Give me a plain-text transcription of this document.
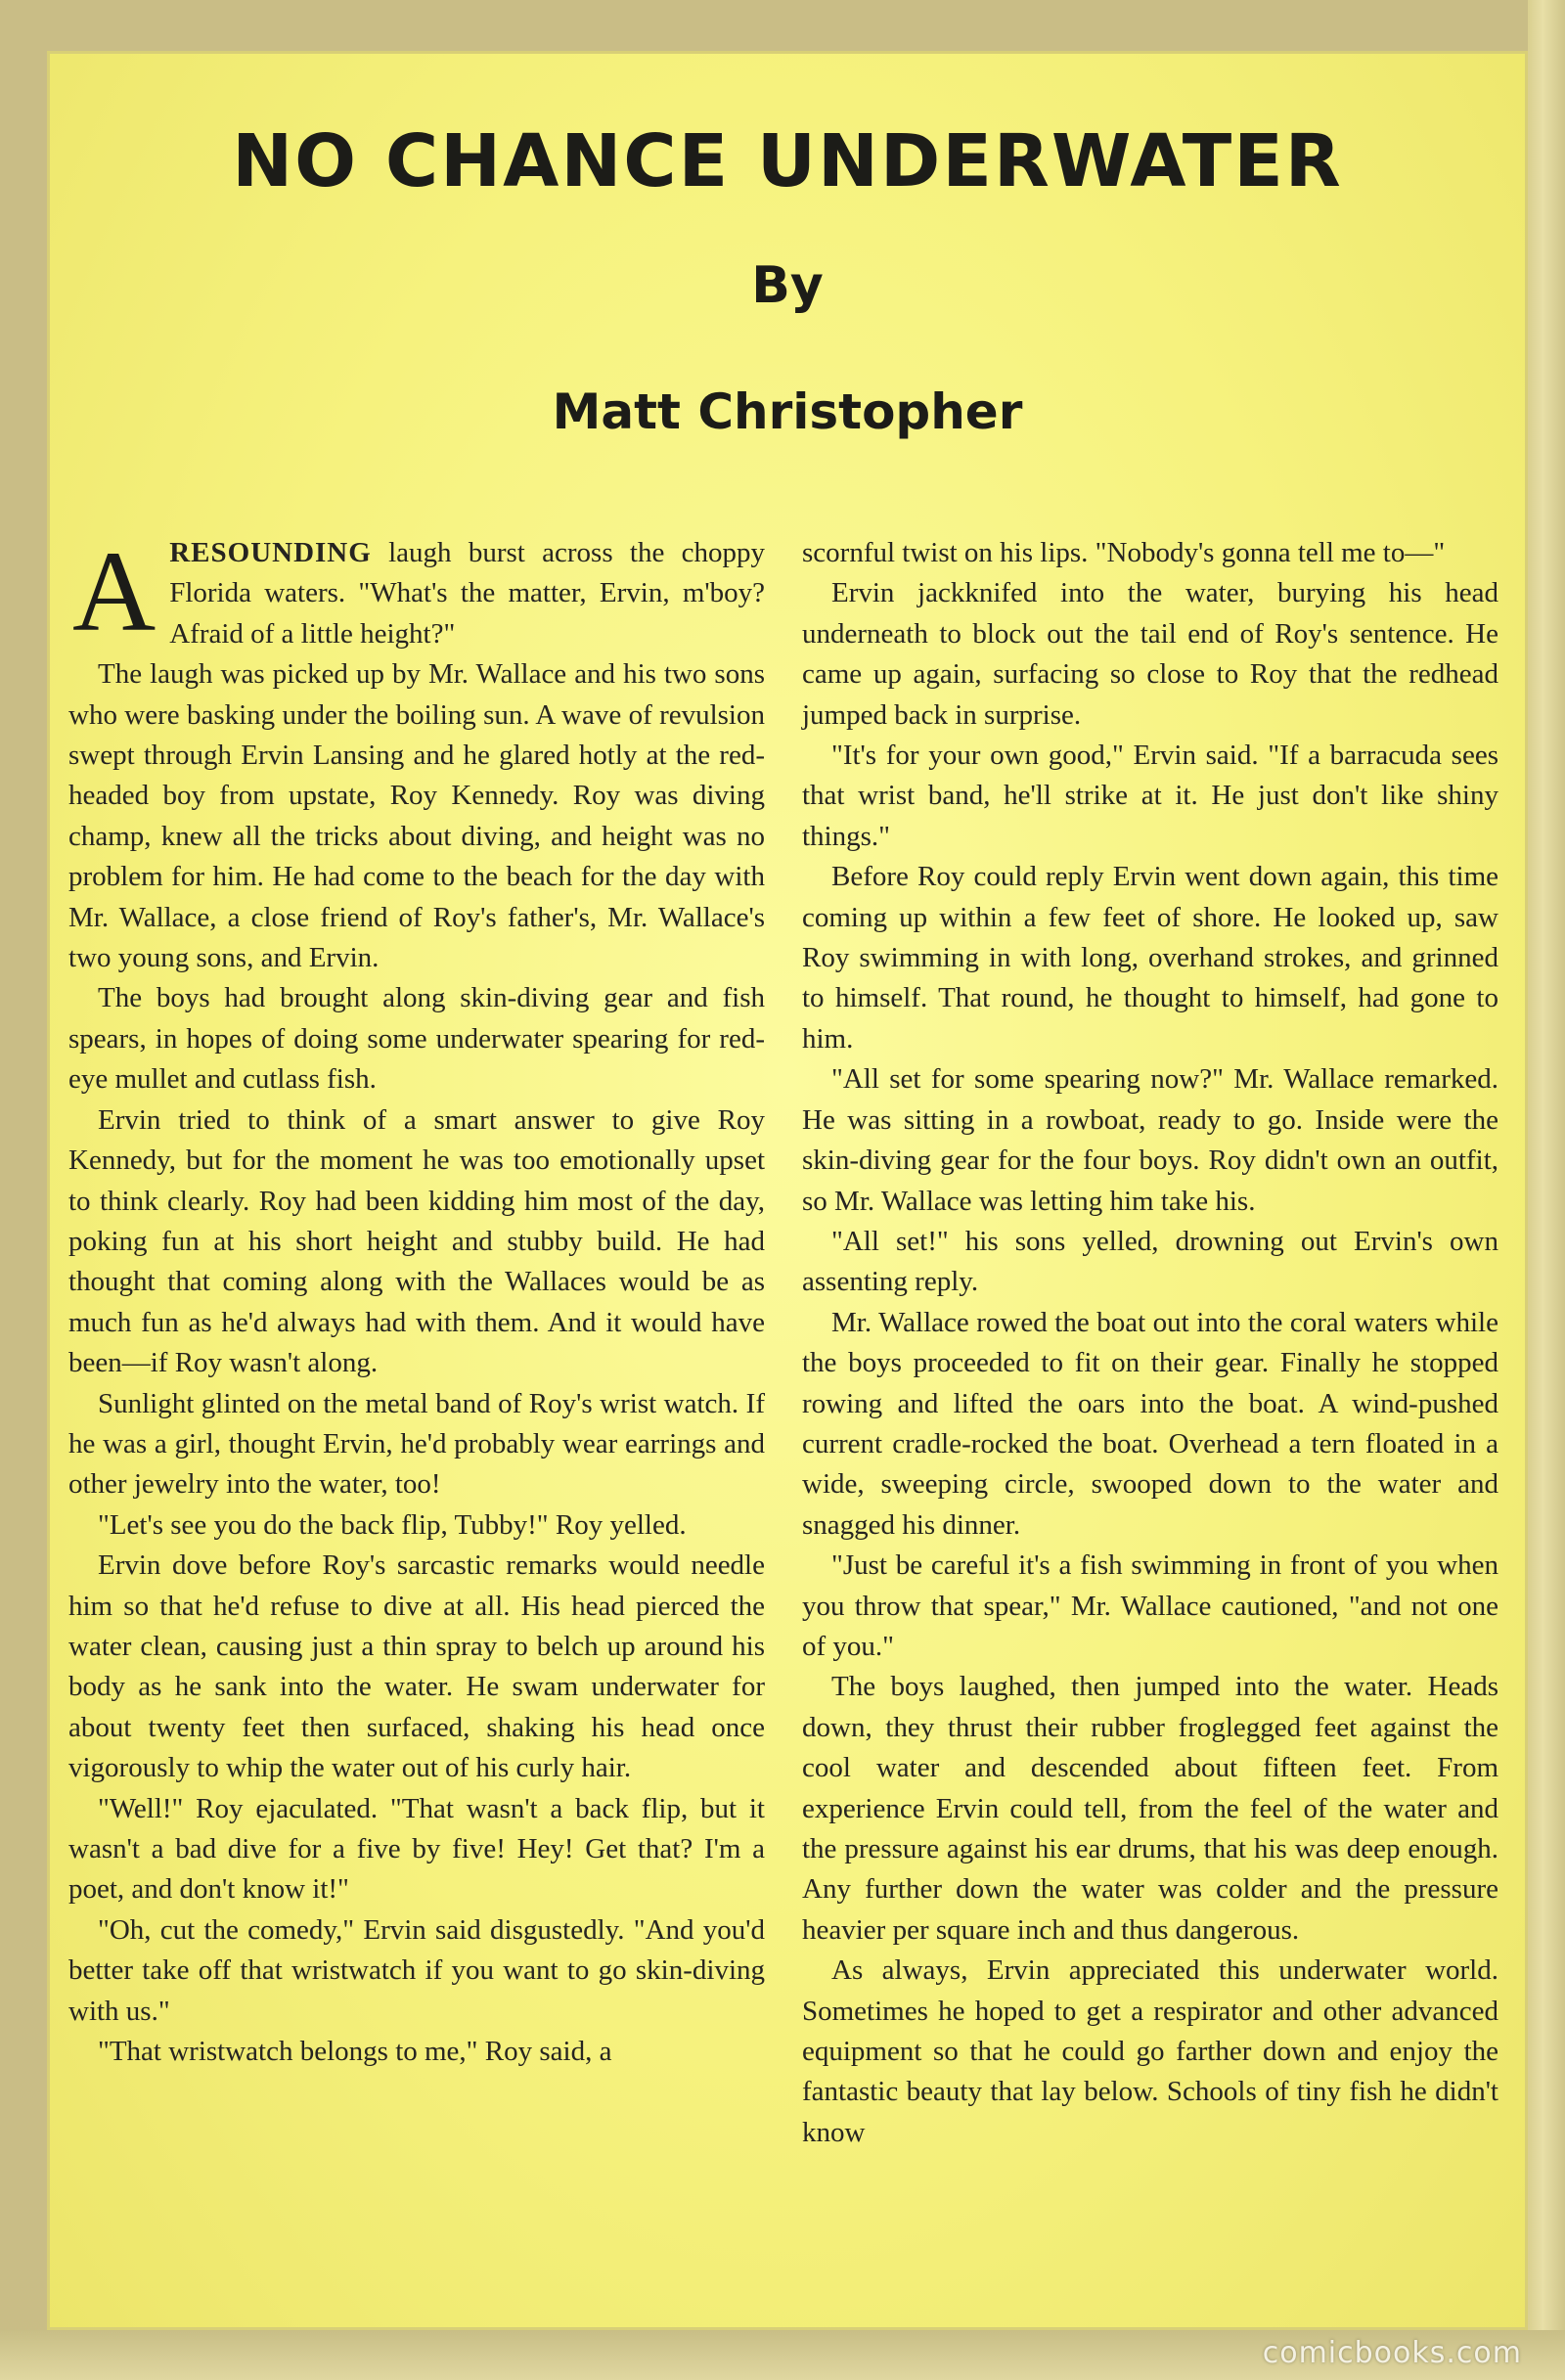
NO CHANCE UNDERWATER
By
Matt Christopher

ARESOUNDING laugh burst across the choppy Florida waters. "What's the matter, Ervin, m'boy? Afraid of a little height?"

The laugh was picked up by Mr. Wallace and his two sons who were basking under the boiling sun. A wave of revulsion swept through Ervin Lansing and he glared hotly at the red-headed boy from upstate, Roy Kennedy. Roy was diving champ, knew all the tricks about diving, and height was no problem for him. He had come to the beach for the day with Mr. Wallace, a close friend of Roy's father's, Mr. Wallace's two young sons, and Ervin.

The boys had brought along skin-diving gear and fish spears, in hopes of doing some underwater spearing for red-eye mullet and cutlass fish.

Ervin tried to think of a smart answer to give Roy Kennedy, but for the moment he was too emotionally upset to think clearly. Roy had been kidding him most of the day, poking fun at his short height and stubby build. He had thought that coming along with the Wallaces would be as much fun as he'd always had with them. And it would have been—if Roy wasn't along.

Sunlight glinted on the metal band of Roy's wrist watch. If he was a girl, thought Ervin, he'd probably wear earrings and other jewelry into the water, too!

"Let's see you do the back flip, Tubby!" Roy yelled.

Ervin dove before Roy's sarcastic remarks would needle him so that he'd refuse to dive at all. His head pierced the water clean, causing just a thin spray to belch up around his body as he sank into the water. He swam underwater for about twenty feet then surfaced, shaking his head once vigorously to whip the water out of his curly hair.

"Well!" Roy ejaculated. "That wasn't a back flip, but it wasn't a bad dive for a five by five! Hey! Get that? I'm a poet, and don't know it!"

"Oh, cut the comedy," Ervin said disgustedly. "And you'd better take off that wristwatch if you want to go skin-diving with us."

"That wristwatch belongs to me," Roy said, a

scornful twist on his lips. "Nobody's gonna tell me to—"

Ervin jackknifed into the water, burying his head underneath to block out the tail end of Roy's sentence. He came up again, surfacing so close to Roy that the redhead jumped back in surprise.

"It's for your own good," Ervin said. "If a barracuda sees that wrist band, he'll strike at it. He just don't like shiny things."

Before Roy could reply Ervin went down again, this time coming up within a few feet of shore. He looked up, saw Roy swimming in with long, overhand strokes, and grinned to himself. That round, he thought to himself, had gone to him.

"All set for some spearing now?" Mr. Wallace remarked. He was sitting in a rowboat, ready to go. Inside were the skin-diving gear for the four boys. Roy didn't own an outfit, so Mr. Wallace was letting him take his.

"All set!" his sons yelled, drowning out Ervin's own assenting reply.

Mr. Wallace rowed the boat out into the coral waters while the boys proceeded to fit on their gear. Finally he stopped rowing and lifted the oars into the boat. A wind-pushed current cradle-rocked the boat. Overhead a tern floated in a wide, sweeping circle, swooped down to the water and snagged his dinner.

"Just be careful it's a fish swimming in front of you when you throw that spear," Mr. Wallace cautioned, "and not one of you."

The boys laughed, then jumped into the water. Heads down, they thrust their rubber froglegged feet against the cool water and descended about fifteen feet. From experience Ervin could tell, from the feel of the water and the pressure against his ear drums, that his was deep enough. Any further down the water was colder and the pressure heavier per square inch and thus dangerous.

As always, Ervin appreciated this underwater world. Sometimes he hoped to get a respirator and other advanced equipment so that he could go farther down and enjoy the fantastic beauty that lay below. Schools of tiny fish he didn't know

comicbooks.com
